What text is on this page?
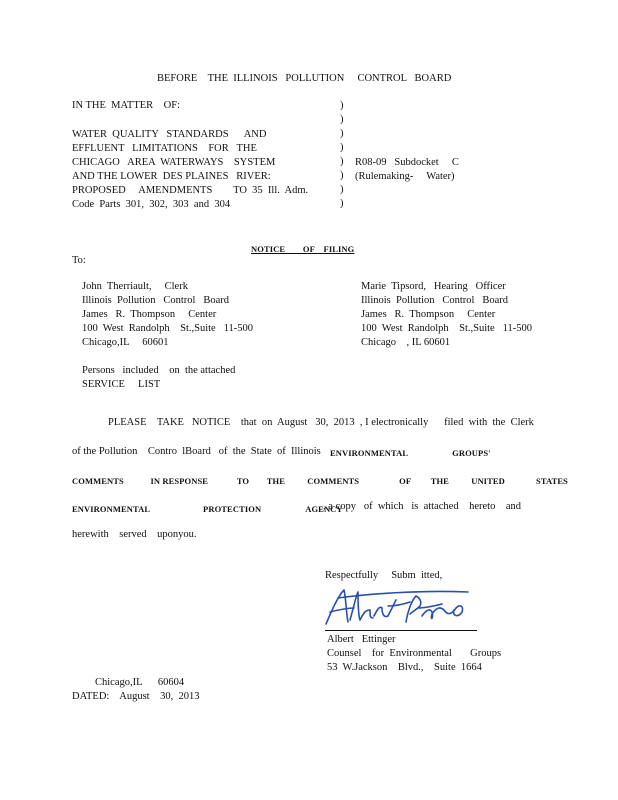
BEFORE    THE  ILLINOIS   POLLUTION     CONTROL   BOARD
IN THE  MATTER    OF:
WATER  QUALITY   STANDARDS      AND
EFFLUENT   LIMITATIONS    FOR   THE
CHICAGO   AREA  WATERWAYS    SYSTEM
AND THE LOWER  DES PLAINES   RIVER:
PROPOSED     AMENDMENTS        TO  35  Ill.  Adm.
Code  Parts  301,  302,  303  and  304
)
)
)
)
)
)
)
)
R08-09   Subdocket     C
(Rulemaking-     Water)
NOTICE        OF    FILING
To:
John  Therriault,     Clerk
Illinois  Pollution   Control   Board
James   R.  Thompson     Center
100  West  Randolph    St.,Suite   11-500
Chicago,IL     60601
Marie  Tipsord,   Hearing   Officer
Illinois  Pollution   Control   Board
James   R.  Thompson     Center
100  West  Randolph    St.,Suite   11-500
Chicago    , IL 60601
Persons   included    on  the attached
SERVICE     LIST
PLEASE    TAKE   NOTICE    that  on  August   30,  2013  , I electronically      filed  with  the  Clerk
of the Pollution    Contro  lBoard   of  the  State  of  Illinois ENVIRONMENTAL                    GROUPS'
COMMENTS            IN RESPONSE             TO        THE          COMMENTS                  OF         THE          UNITED              STATES
ENVIRONMENTAL                        PROTECTION                    AGENCY
, a copy   of  which   is  attached    hereto    and
herewith    served    uponyou.
Respectfully     Subm  itted,
Albert   Ettinger
Counsel    for  Environmental       Groups
53  W.Jackson    Blvd.,    Suite  1664
Chicago,IL      60604
DATED:    August    30,  2013
